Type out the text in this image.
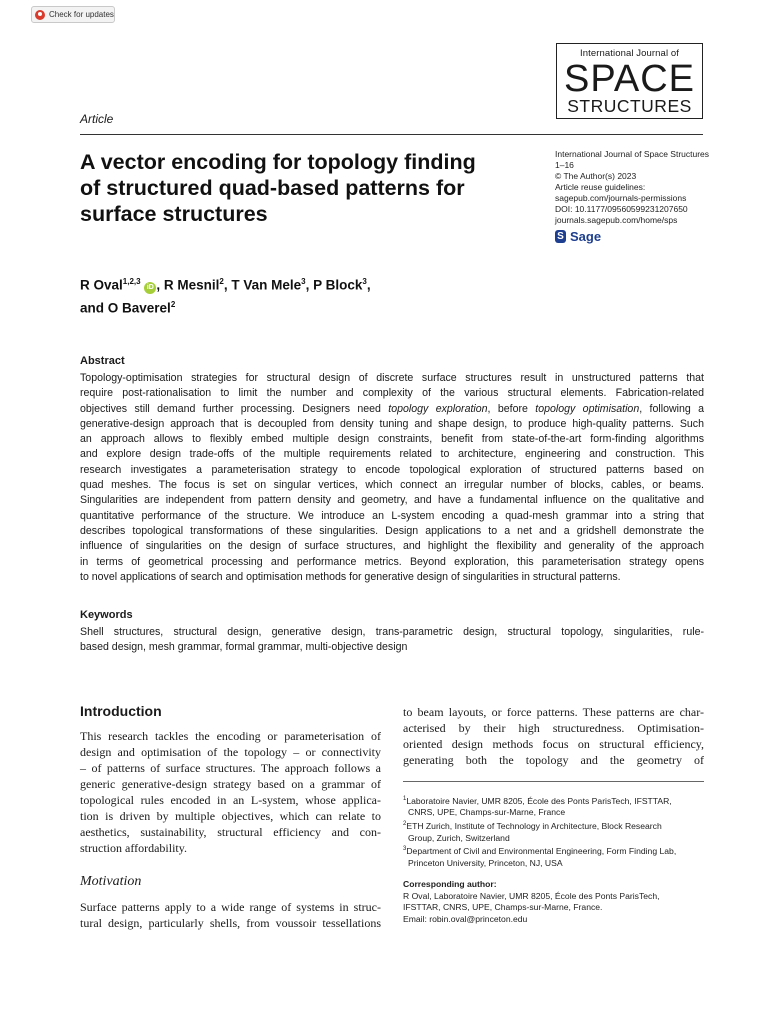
Check for updates
International Journal of
SPACE
STRUCTURES
Article
A vector encoding for topology finding of structured quad-based patterns for surface structures
International Journal of Space Structures
1–16
© The Author(s) 2023
Article reuse guidelines:
sagepub.com/journals-permissions
DOI: 10.1177/09560599231207650
journals.sagepub.com/home/sps
S Sage
R Oval$^{1,2,3}$ iD , R Mesnil$^2$, T Van Mele$^3$, P Block$^3$,
and O Baverel$^2$
Abstract
Topology-optimisation strategies for structural design of discrete surface structures result in unstructured patterns that
require post-rationalisation to limit the number and complexity of the various structural elements. Fabrication-related
objectives still demand further processing. Designers need topology exploration, before topology optimisation, following a
generative-design approach that is decoupled from density tuning and shape design, to produce high-quality patterns. Such
an approach allows to flexibly embed multiple design constraints, benefit from state-of-the-art form-finding algorithms
and explore design trade-offs of the multiple requirements related to architecture, engineering and construction. This
research investigates a parameterisation strategy to encode topological exploration of structured patterns based on
quad meshes. The focus is set on singular vertices, which connect an irregular number of blocks, cables, or beams.
Singularities are independent from pattern density and geometry, and have a fundamental influence on the qualitative and
quantitative performance of the structure. We introduce an L-system encoding a quad-mesh grammar into a string that
describes topological transformations of these singularities. Design applications to a net and a gridshell demonstrate the
influence of singularities on the design of surface structures, and highlight the flexibility and generality of the approach
in terms of geometrical processing and performance metrics. Beyond exploration, this parameterisation strategy opens
to novel applications of search and optimisation methods for generative design of singularities in structural patterns.
Keywords
Shell structures, structural design, generative design, trans-parametric design, structural topology, singularities, rule-
based design, mesh grammar, formal grammar, multi-objective design
Introduction
This research tackles the encoding or parameterisation of
design and optimisation of the topology – or connectivity
– of patterns of surface structures. The approach follows a
generic generative-design strategy based on a grammar of
topological rules encoded in an L-system, whose applica-
tion is driven by multiple objectives, which can relate to
aesthetics, sustainability, structural efficiency and con-
struction affordability.
Motivation
Surface patterns apply to a wide range of systems in struc-
tural design, particularly shells, from voussoir tessellations
to beam layouts, or force patterns. These patterns are char-
acterised by their high structuredness. Optimisation-
oriented design methods focus on structural efficiency,
generating both the topology and the geometry of
$^1$Laboratoire Navier, UMR 8205, École des Ponts ParisTech, IFSTTAR,
CNRS, UPE, Champs-sur-Marne, France
$^2$ETH Zurich, Institute of Technology in Architecture, Block Research
Group, Zurich, Switzerland
$^3$Department of Civil and Environmental Engineering, Form Finding Lab,
Princeton University, Princeton, NJ, USA
Corresponding author:
R Oval, Laboratoire Navier, UMR 8205, École des Ponts ParisTech,
IFSTTAR, CNRS, UPE, Champs-sur-Marne, France.
Email: robin.oval@princeton.edu
